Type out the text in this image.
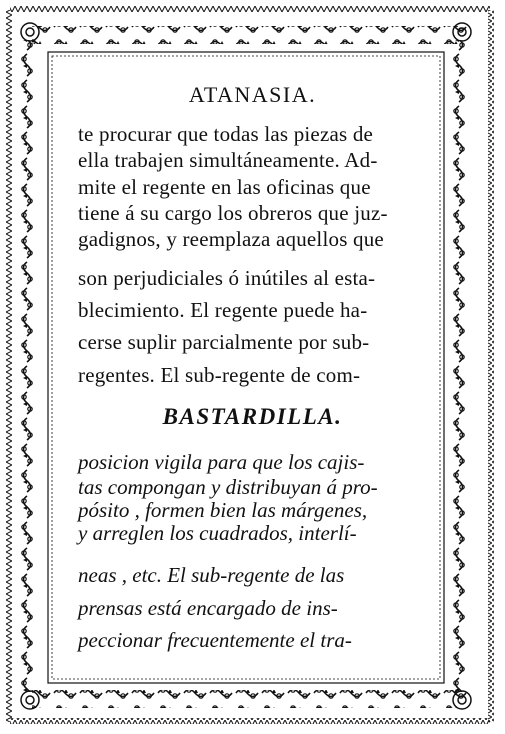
ATANASIA.
te procurar que todas las piezas de
ella trabajen simultáneamente. Ad-
mite el regente en las oficinas que
tiene á su cargo los obreros que juz-
gadignos, y reemplaza aquellos que
son perjudiciales ó inútiles al esta-
blecimiento. El regente puede ha-
cerse suplir parcialmente por sub-
regentes. El sub-regente de com-
BASTARDILLA.
posicion vigila para que los cajis-
tas compongan y distribuyan á pro-
pósito , formen bien las márgenes,
y arreglen los cuadrados, interlí-
neas , etc. El sub-regente de las
prensas está encargado de ins-
peccionar frecuentemente el tra-
